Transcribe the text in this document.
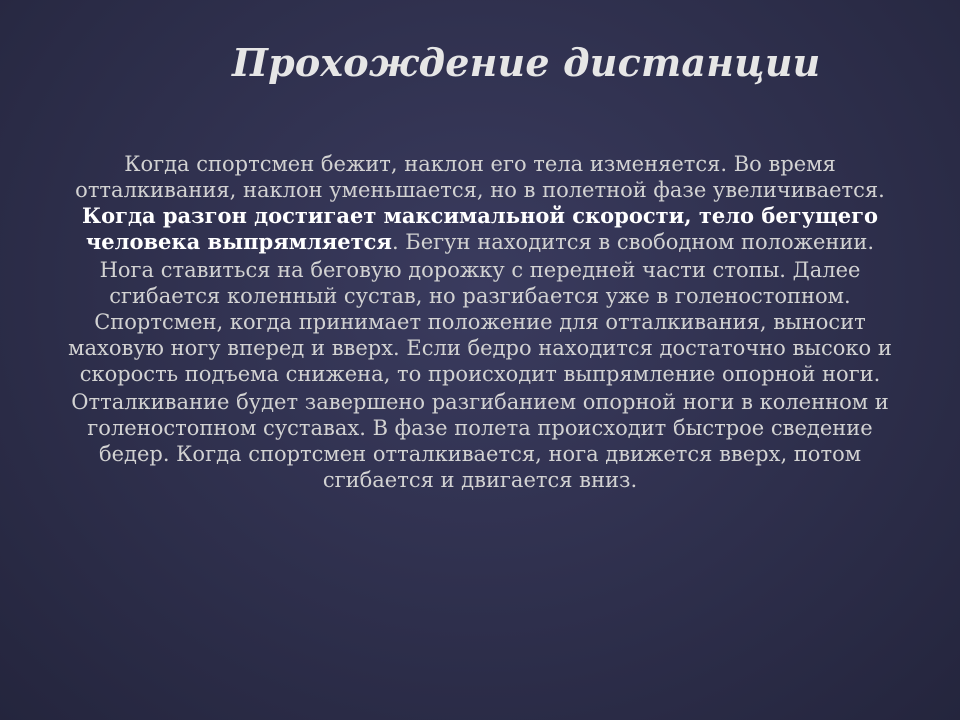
Прохождение дистанции

Когда спортсмен бежит, наклон его тела изменяется. Во время отталкивания, наклон уменьшается, но в полетной фазе увеличивается. Когда разгон достигает максимальной скорости, тело бегущего человека выпрямляется. Бегун находится в свободном положении.

Нога ставиться на беговую дорожку с передней части стопы. Далее сгибается коленный сустав, но разгибается уже в голеностопном. Спортсмен, когда принимает положение для отталкивания, выносит маховую ногу вперед и вверх. Если бедро находится достаточно высоко и скорость подъема снижена, то происходит выпрямление опорной ноги.

Отталкивание будет завершено разгибанием опорной ноги в коленном и голеностопном суставах. В фазе полета происходит быстрое сведение бедер. Когда спортсмен отталкивается, нога движется вверх, потом сгибается и двигается вниз.
